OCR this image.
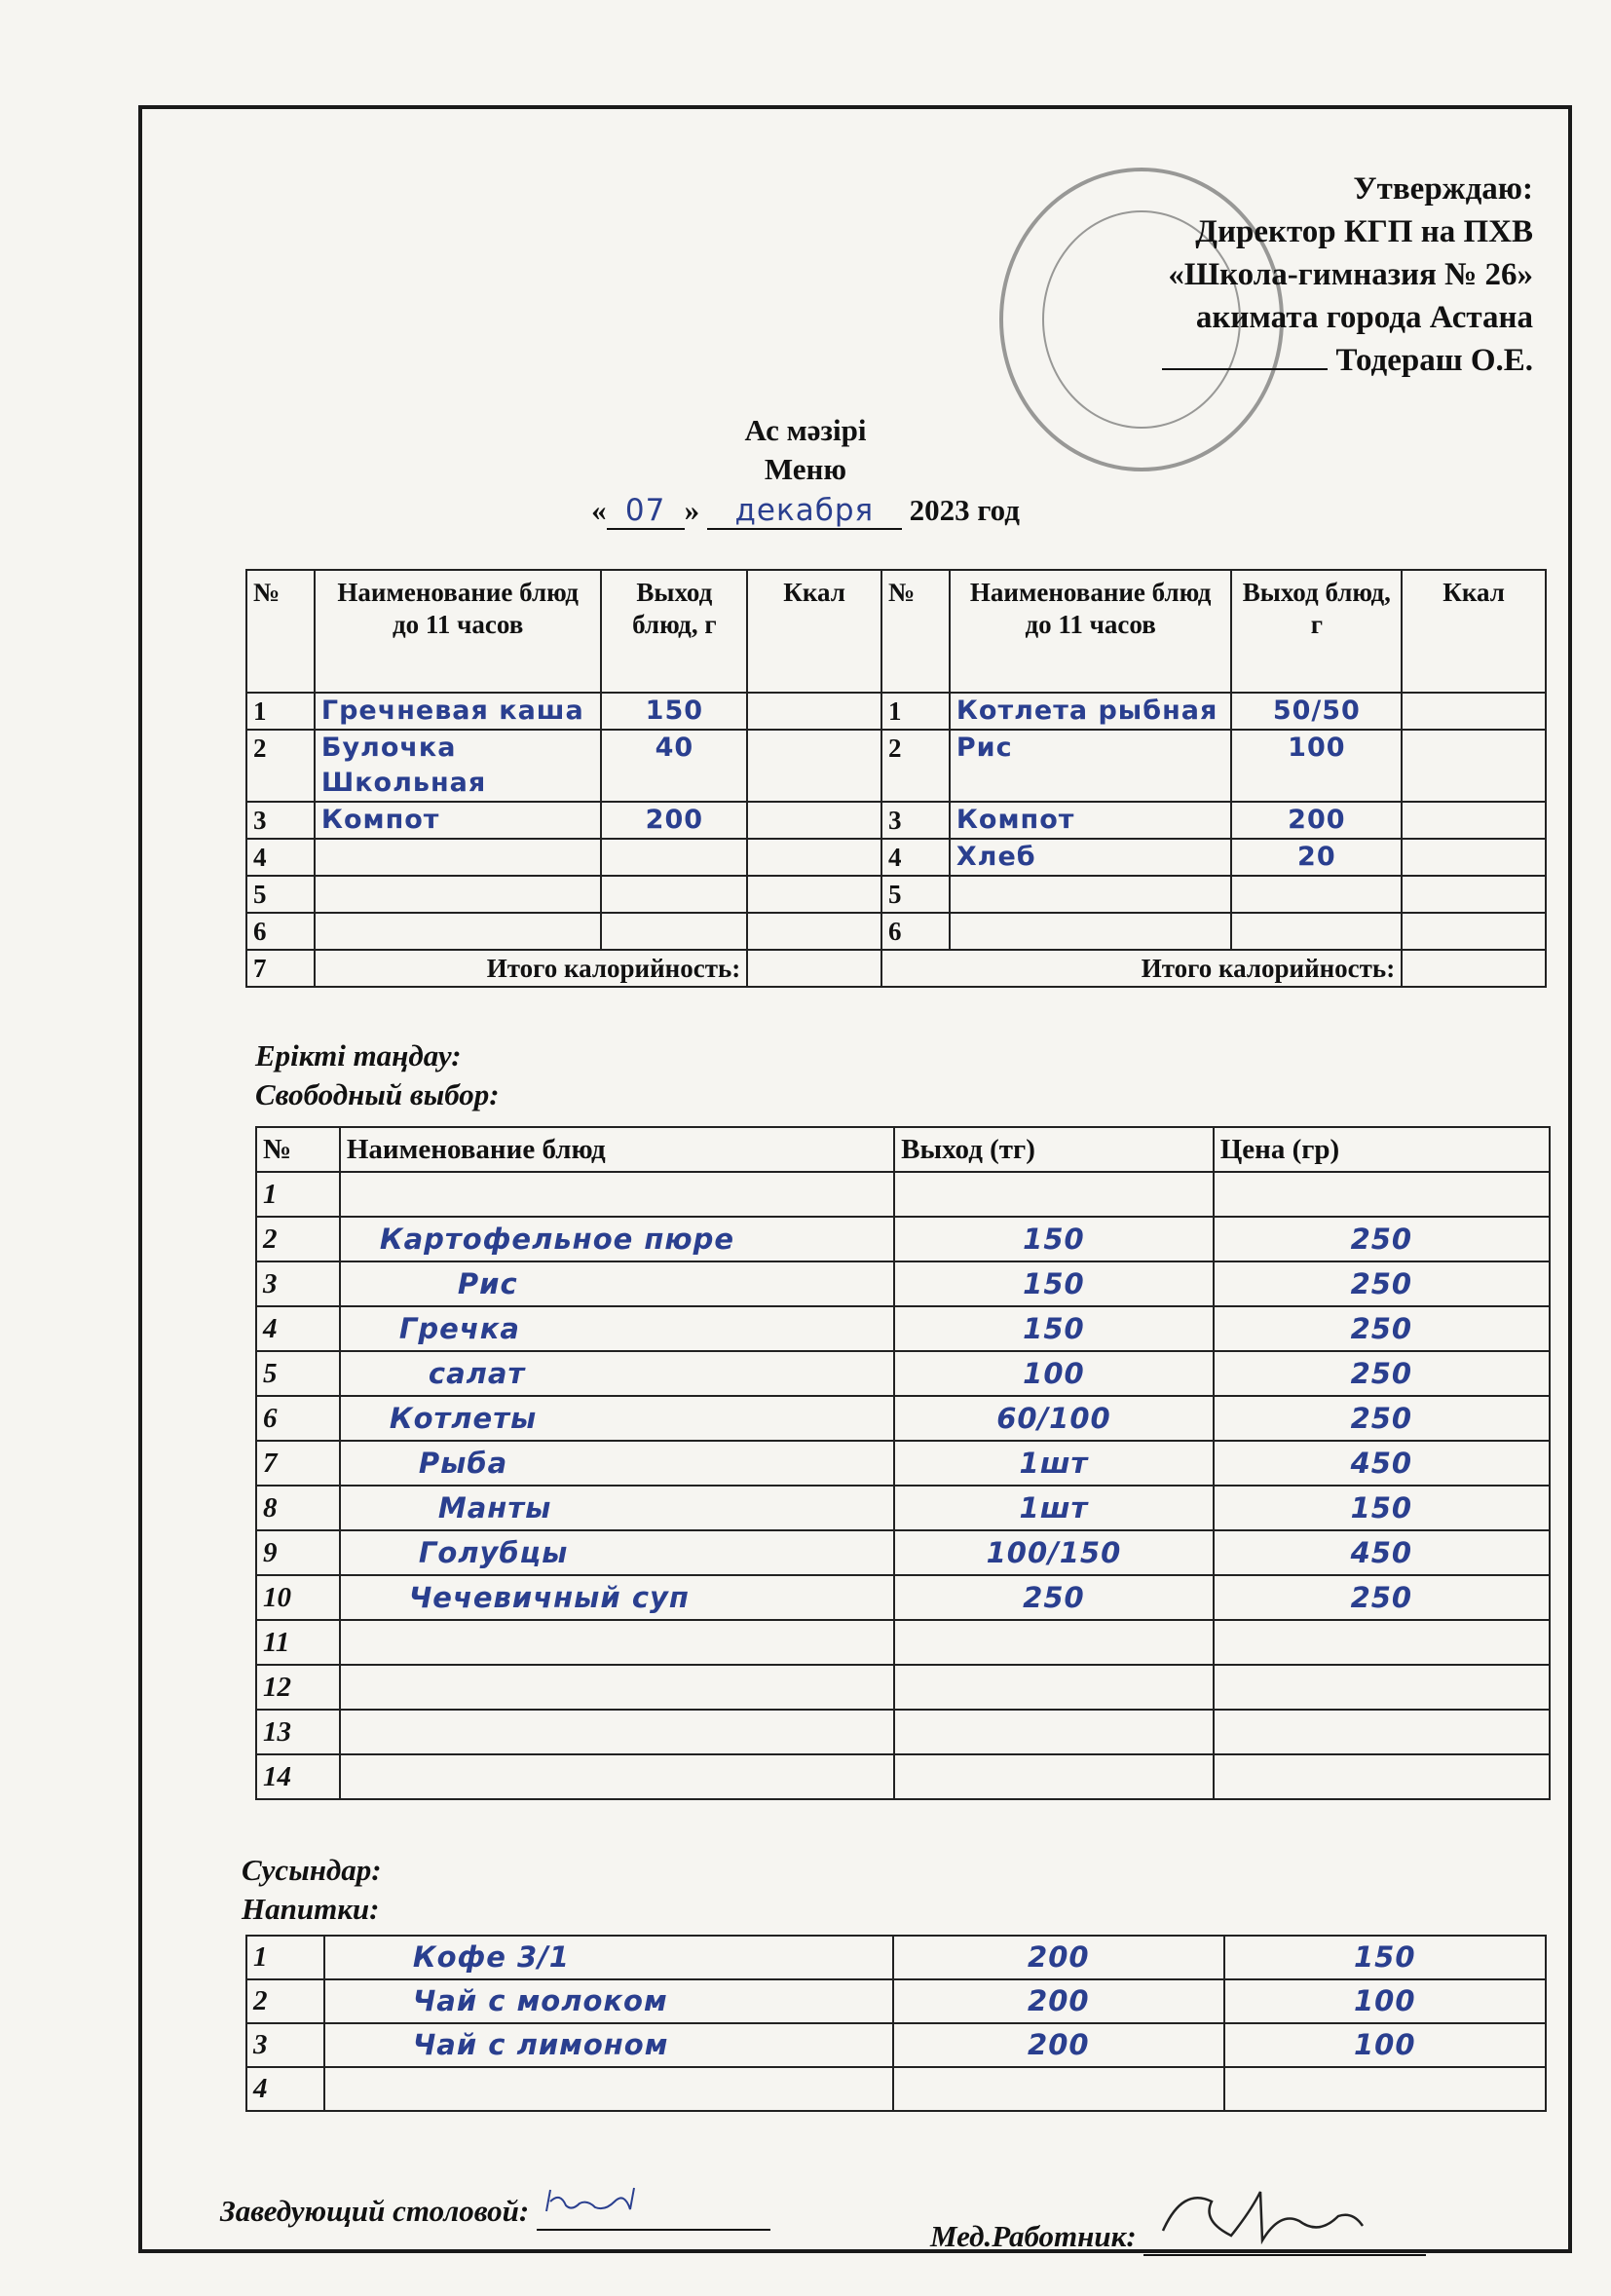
Утверждаю:
Директор КГП на ПХВ
«Школа-гимназия № 26»
акимата города Астана
Тодераш О.Е.
Ас мәзірі
Меню
« 07 » декабря 2023 год
№	Наименование блюд до 11 часов	Выход блюд, г	Ккал	№	Наименование блюд до 11 часов	Выход блюд, г	Ккал
1	Гречневая каша	150		1	Котлета рыбная	50/50	
2	Булочка Школьная	40		2	Рис	100	
3	Компот	200		3	Компот	200	
4				4	Хлеб	20	
5				5			
6				6			
7	Итого калорийность:			Итого калорийность:			
Ерікті таңдау:
Свободный выбор:
№	Наименование блюд	Выход (тг)	Цена (гр)
1			
2	Картофельное пюре	150	250
3	Рис	150	250
4	Гречка	150	250
5	салат	100	250
6	Котлеты	60/100	250
7	Рыба	1шт	450
8	Манты	1шт	150
9	Голубцы	100/150	450
10	Чечевичный суп	250	250
11			
12			
13			
14			
Сусындар:
Напитки:
1	Кофе 3/1	200	150
2	Чай с молоком	200	100
3	Чай с лимоном	200	100
4			
Заведующий столовой:
Мед.Работник:
